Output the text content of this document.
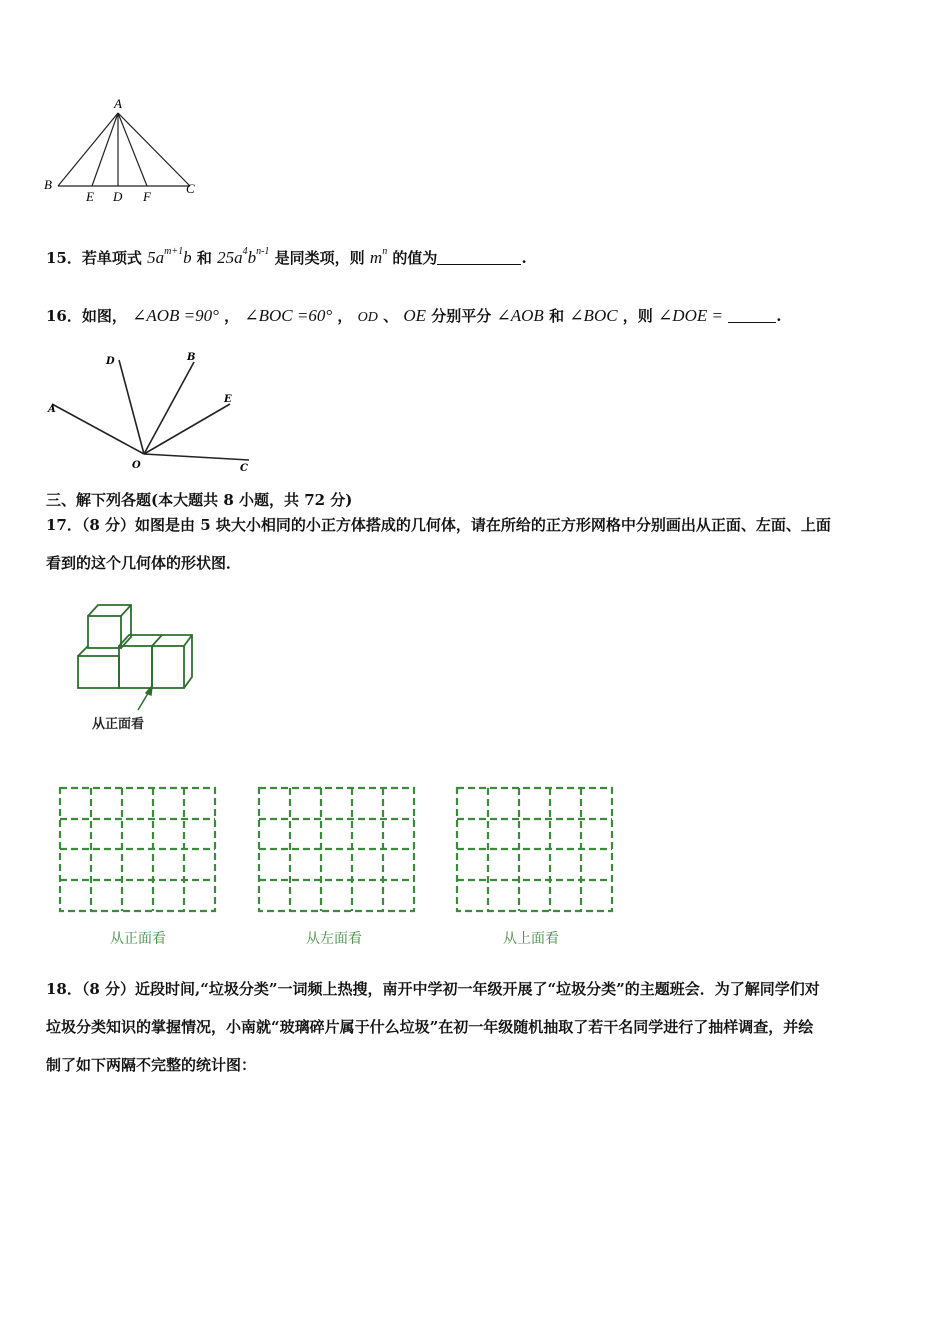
A
B
E D F
C
15．若单项式 $5a^{m+1}b$ 和 $25a^4b^{n-1}$ 是同类项，则 $m^n$ 的值为	.
16．如图， ∠AOB =90° ， ∠BOC =60° ， OD 、 OE 分别平分 ∠AOB 和 ∠BOC ，则 ∠DOE =	.
D	B
E
A
O	C
三、解下列各题(本大题共 8 小题，共 72 分)
17．（8 分）如图是由 5 块大小相同的小正方体搭成的几何体，请在所给的正方形网格中分别画出从正面、左面、上面
看到的这个几何体的形状图．
从正面看
从正面看	从左面看	从上面看
18．（8 分）近段时间,“垃圾分类”一词频上热搜，南开中学初一年级开展了“垃圾分类”的主题班会．为了解同学们对
垃圾分类知识的掌握情况，小南就“玻璃碎片属于什么垃圾”在初一年级随机抽取了若干名同学进行了抽样调查，并绘
制了如下两隔不完整的统计图：
